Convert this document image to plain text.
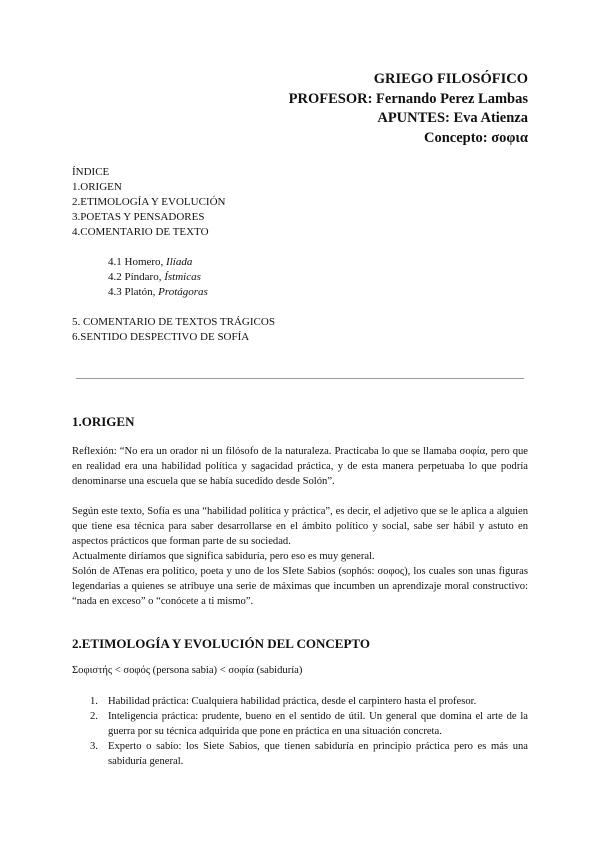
GRIEGO FILOSÓFICO
PROFESOR: Fernando Perez Lambas
APUNTES: Eva Atienza
Concepto: σοφια
ÍNDICE
1.ORIGEN
2.ETIMOLOGÍA Y EVOLUCIÓN
3.POETAS Y PENSADORES
4.COMENTARIO DE TEXTO
4.1 Homero, Ilíada
4.2 Píndaro, Ístmicas
4.3 Platón, Protágoras
5. COMENTARIO DE TEXTOS TRÁGICOS
6.SENTIDO DESPECTIVO DE SOFÍA
1.ORIGEN

Reflexión: “No era un orador ni un filósofo de la naturaleza. Practicaba lo que se llamaba σοφία, pero que en realidad era una habilidad política y sagacidad práctica, y de esta manera perpetuaba lo que podría denominarse una escuela que se había sucedido desde Solón”.

Según este texto, Sofía es una “habilidad política y práctica”, es decir, el adjetivo que se le aplica a alguien que tiene esa técnica para saber desarrollarse en el ámbito político y social, sabe ser hábil y astuto en aspectos prácticos que forman parte de su sociedad.

Actualmente diríamos que significa sabiduría, pero eso es muy general.

Solón de ATenas era político, poeta y uno de los SIete Sabios (sophós: σοφος), los cuales son unas figuras legendarias a quienes se atribuye una serie de máximas que incumben un aprendizaje moral constructivo: “nada en exceso” o “conócete a ti mismo”.

2.ETIMOLOGÍA Y EVOLUCIÓN DEL CONCEPTO
Σοφιστής < σοφός (persona sabia) < σοφία (sabiduría)
1. Habilidad práctica: Cualquiera habilidad práctica, desde el carpintero hasta el profesor.
2. Inteligencia práctica: prudente, bueno en el sentido de útil. Un general que domina el arte de la guerra por su técnica adquirida que pone en práctica en una situación concreta.
3. Experto o sabio: los Siete Sabios, que tienen sabiduría en principio práctica pero es más una sabiduría general.
